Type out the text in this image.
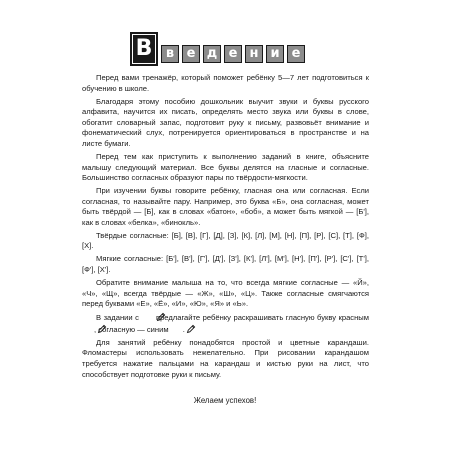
В	в е д е н и е

Перед вами тренажёр, который поможет ребёнку 5—7 лет подготовиться к обучению в школе.

Благодаря этому пособию дошкольник выучит звуки и буквы русского алфавита, научится их писать, определять место звука или буквы в слове, обогатит словарный запас, подготовит руку к письму, развовьёт внимание и фонематический слух, потренируется ориентироваться в пространстве и на листе бумаги.

Перед тем как приступить к выполнению заданий в книге, объясните малышу следующий материал. Все буквы делятся на гласные и согласные. Большинство согласных образуют пары по твёрдости-мягкости.

При изучении буквы говорите ребёнку, гласная она или согласная. Если согласная, то называйте пару. Например, это буква «Б», она согласная, может быть твёрдой — [Б], как в словах «батон», «боб», а может быть мягкой — [Б'], как в словах «белка», «бинокль».

Твёрдые согласные: [Б], [В], [Г], [Д], [З], [К], [Л], [М], [Н], [П], [Р], [С], [Т], [Ф], [Х].

Мягкие согласные: [Б'], [В'], [Г'], [Д'], [З'], [К'], [Л'], [М'], [Н'], [П'], [Р'], [С'], [Т'], [Ф'], [Х'].

Обратите внимание малыша на то, что всегда мягкие согласные — «Й», «Ч», «Щ», всегда твёрдые — «Ж», «Ш», «Ц». Также согласные смягчаются перед буквами «Е», «Ё», «И», «Ю», «Я» и «Ь».

В задании с предлагайте ребёнку раскрашивать гласную букву красным , согласную — синим .

Для занятий ребёнку понадобятся простой и цветные карандаши. Фломастеры использовать нежелательно. При рисовании карандашом требуется нажатие пальцами на карандаш и кистью руки на лист, что способствует подготовке руки к письму.

Желаем успехов!
